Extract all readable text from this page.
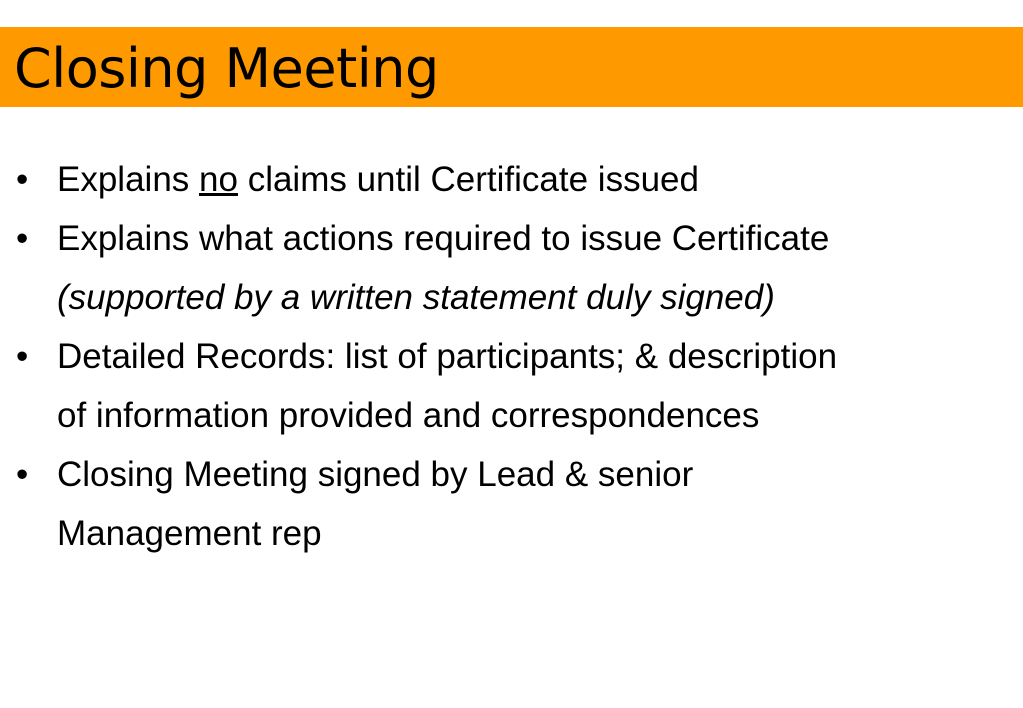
Closing Meeting
• Explains no claims until Certificate issued
• Explains what actions required to issue Certificate
(supported by a written statement duly signed)
• Detailed Records: list of participants; & description
of information provided and correspondences
• Closing Meeting signed by Lead & senior
Management rep
